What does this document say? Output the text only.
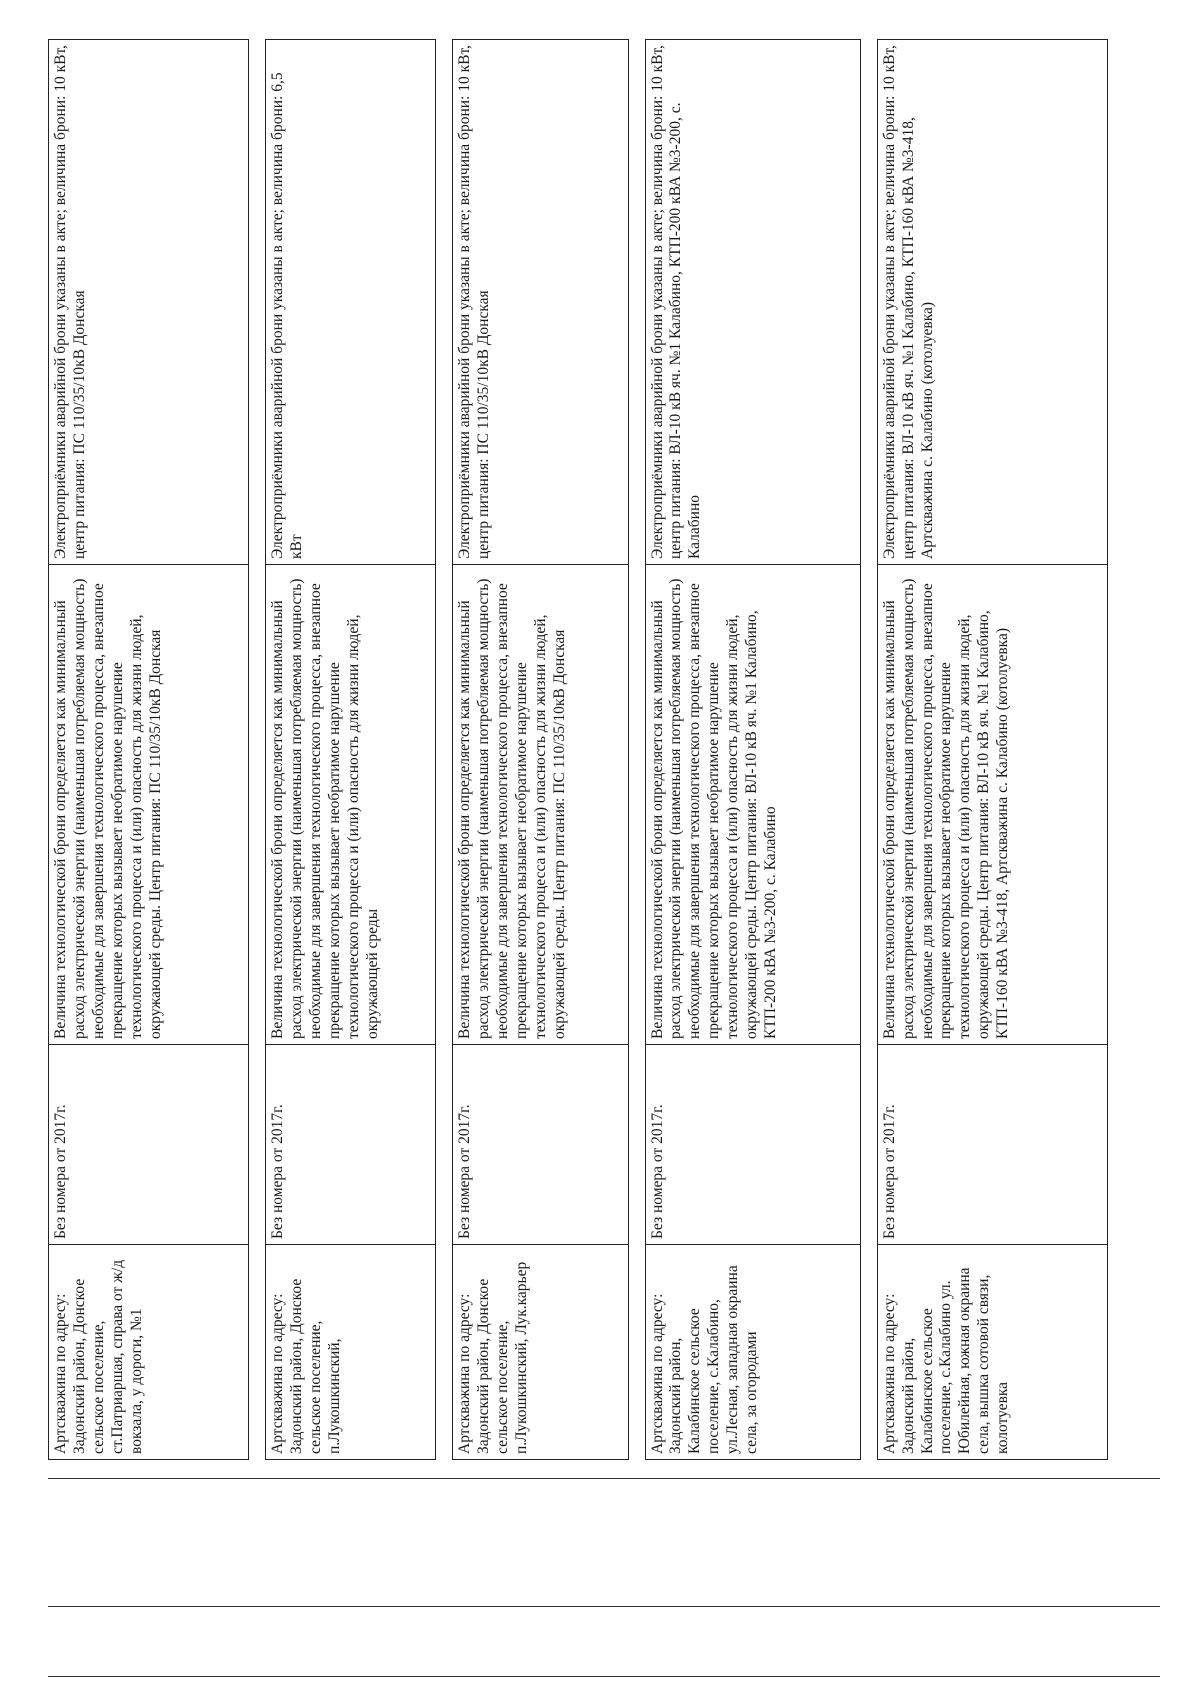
Артскважина по адресу: Задонский район, Донское сельское поселение, ст.Патриаршая, справа от ж/д вокзала, у дороги, №1	Без номера от 2017г.	Величина технологической брони определяется как минимальный расход электрической энергии (наименьшая потребляемая мощность) необходимые для завершения технологического процесса, внезапное прекращение которых вызывает необратимое нарушение технологического процесса и (или) опасность для жизни людей, окружающей среды. Центр питания: ПС 110/35/10кВ Донская	Электроприёмники аварийной брони указаны в акте; величина брони: 10 кВт, центр питания: ПС 110/35/10кВ Донская

Артскважина по адресу: Задонский район, Донское сельское поселение, п.Лукошкинский,	Без номера от 2017г.	Величина технологической брони определяется как минимальный расход электрической энергии (наименьшая потребляемая мощность) необходимые для завершения технологического процесса, внезапное прекращение которых вызывает необратимое нарушение технологического процесса и (или) опасность для жизни людей, окружающей среды	Электроприёмники аварийной брони указаны в акте; величина брони: 6,5 кВт

Артскважина по адресу: Задонский район, Донское сельское поселение, п.Лукошкинский, Лук.карьер	Без номера от 2017г.	Величина технологической брони определяется как минимальный расход электрической энергии (наименьшая потребляемая мощность) необходимые для завершения технологического процесса, внезапное прекращение которых вызывает необратимое нарушение технологического процесса и (или) опасность для жизни людей, окружающей среды. Центр питания: ПС 110/35/10кВ Донская	Электроприёмники аварийной брони указаны в акте; величина брони: 10 кВт, центр питания: ПС 110/35/10кВ Донская

Артскважина по адресу: Задонский район, Калабинское сельское поселение, с.Калабино, ул.Лесная, западная окраина села, за огородами	Без номера от 2017г.	Величина технологической брони определяется как минимальный расход электрической энергии (наименьшая потребляемая мощность) необходимые для завершения технологического процесса, внезапное прекращение которых вызывает необратимое нарушение технологического процесса и (или) опасность для жизни людей, окружающей среды. Центр питания: ВЛ-10 кВ яч. №1 Калабино, КТП-200 кВА №3-200, с. Калабино	Электроприёмники аварийной брони указаны в акте; величина брони: 10 кВт, центр питания: ВЛ-10 кВ яч. №1 Калабино, КТП-200 кВА №3-200, с. Калабино

Артскважина по адресу: Задонский район, Калабинское сельское поселение, с.Калабино ул. Юбилейная, южная окраина села, вышка сотовой связи, колотуевка	Без номера от 2017г.	Величина технологической брони определяется как минимальный расход электрической энергии (наименьшая потребляемая мощность) необходимые для завершения технологического процесса, внезапное прекращение которых вызывает необратимое нарушение технологического процесса и (или) опасность для жизни людей, окружающей среды. Центр питания: ВЛ-10 кВ яч. №1 Калабино, КТП-160 кВА №3-418, Артскважина с. Калабино (котолуевка)	Электроприёмники аварийной брони указаны в акте; величина брони: 10 кВт, центр питания: ВЛ-10 кВ яч. №1 Калабино, КТП-160 кВА №3-418, Артскважина с. Калабино (котолуевка)
